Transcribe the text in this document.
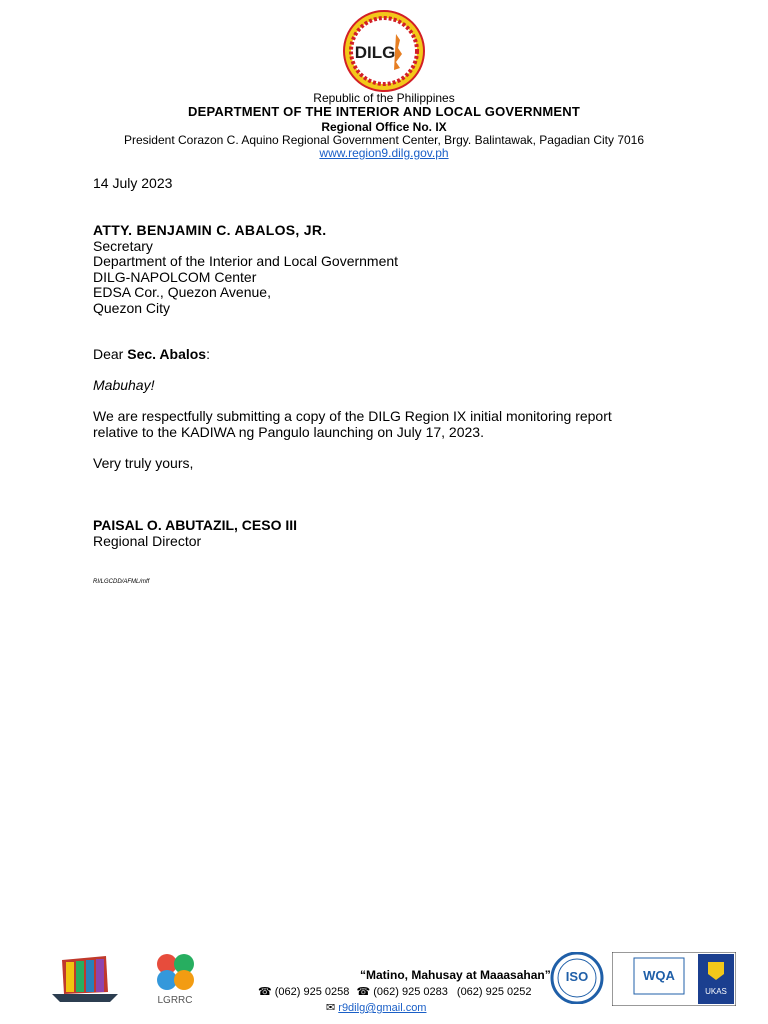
DILG
Republic of the Philippines
DEPARTMENT OF THE INTERIOR AND LOCAL GOVERNMENT
Regional Office No. IX
President Corazon C. Aquino Regional Government Center, Brgy. Balintawak, Pagadian City 7016
www.region9.dilg.gov.ph
14 July 2023
ATTY. BENJAMIN C. ABALOS, JR.
Secretary
Department of the Interior and Local Government
DILG-NAPOLCOM Center
EDSA Cor., Quezon Avenue,
Quezon City
Dear Sec. Abalos:
Mabuhay!
We are respectfully submitting a copy of the DILG Region IX initial monitoring report
relative to the KADIWA ng Pangulo launching on July 17, 2023.
Very truly yours,
PAISAL O. ABUTAZIL, CESO III
Regional Director
RI/LGCDD/AFML/mff
LGRRC
“Matino, Mahusay at Maaasahan”
☎ (062) 925 0258 ☎ (062) 925 0283 (062) 925 0252
✉ r9dilg@gmail.com
ISO	WQA
UKAS
